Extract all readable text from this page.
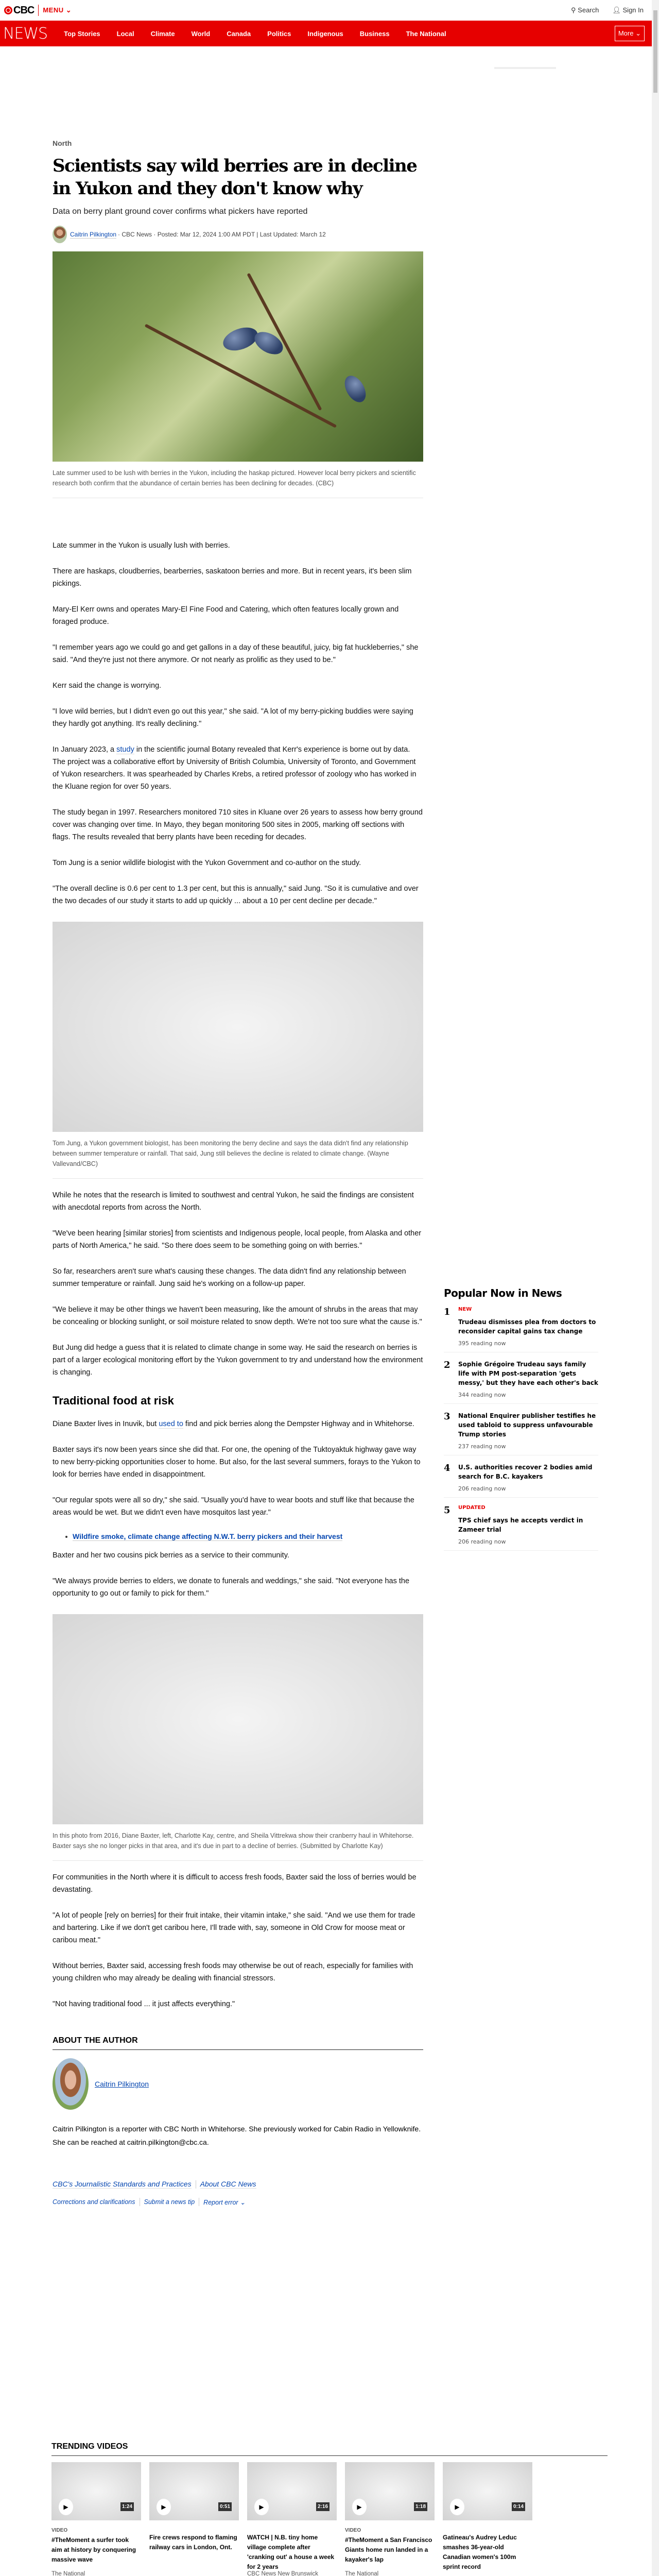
CBC MENU ⌄	⚲ Search 👤︎ Sign In
NEWS Top Stories Local Climate World Canada Politics Indigenous Business The National	More ⌄
North
Scientists say wild berries are in decline in Yukon and they don't know why
Data on berry plant ground cover confirms what pickers have reported
Caitrin Pilkington · CBC News · Posted: Mar 12, 2024 1:00 AM PDT | Last Updated: March 12
Late summer used to be lush with berries in the Yukon, including the haskap pictured. However local berry pickers and scientific research both confirm that the abundance of certain berries has been declining for decades. (CBC)

Late summer in the Yukon is usually lush with berries.

There are haskaps, cloudberries, bearberries, saskatoon berries and more. But in recent years, it's been slim pickings.

Mary-El Kerr owns and operates Mary-El Fine Food and Catering, which often features locally grown and foraged produce.

"I remember years ago we could go and get gallons in a day of these beautiful, juicy, big fat huckleberries," she said. "And they're just not there anymore. Or not nearly as prolific as they used to be."

Kerr said the change is worrying.

"I love wild berries, but I didn't even go out this year," she said. "A lot of my berry-picking buddies were saying they hardly got anything. It's really declining."

In January 2023, a study in the scientific journal Botany revealed that Kerr's experience is borne out by data. The project was a collaborative effort by University of British Columbia, University of Toronto, and Government of Yukon researchers. It was spearheaded by Charles Krebs, a retired professor of zoology who has worked in the Kluane region for over 50 years.

The study began in 1997. Researchers monitored 710 sites in Kluane over 26 years to assess how berry ground cover was changing over time. In Mayo, they began monitoring 500 sites in 2005, marking off sections with flags. The results revealed that berry plants have been receding for decades.

Tom Jung is a senior wildlife biologist with the Yukon Government and co-author on the study.

"The overall decline is 0.6 per cent to 1.3 per cent, but this is annually," said Jung. "So it is cumulative and over the two decades of our study it starts to add up quickly ... about a 10 per cent decline per decade."

Tom Jung, a Yukon government biologist, has been monitoring the berry decline and says the data didn't find any relationship between summer temperature or rainfall. That said, Jung still believes the decline is related to climate change. (Wayne Vallevand/CBC)

While he notes that the research is limited to southwest and central Yukon, he said the findings are consistent with anecdotal reports from across the North.

"We've been hearing [similar stories] from scientists and Indigenous people, local people, from Alaska and other parts of North America," he said. "So there does seem to be something going on with berries."

So far, researchers aren't sure what's causing these changes. The data didn't find any relationship between summer temperature or rainfall. Jung said he's working on a follow-up paper.

"We believe it may be other things we haven't been measuring, like the amount of shrubs in the areas that may be concealing or blocking sunlight, or soil moisture related to snow depth. We're not too sure what the cause is."

But Jung did hedge a guess that it is related to climate change in some way. He said the research on berries is part of a larger ecological monitoring effort by the Yukon government to try and understand how the environment is changing.

Traditional food at risk

Diane Baxter lives in Inuvik, but used to find and pick berries along the Dempster Highway and in Whitehorse.

Baxter says it's now been years since she did that. For one, the opening of the Tuktoyaktuk highway gave way to new berry-picking opportunities closer to home. But also, for the last several summers, forays to the Yukon to look for berries have ended in disappointment.

"Our regular spots were all so dry," she said. "Usually you'd have to wear boots and stuff like that because the areas would be wet. But we didn't even have mosquitos last year."

Wildfire smoke, climate change affecting N.W.T. berry pickers and their harvest

Baxter and her two cousins pick berries as a service to their community.

"We always provide berries to elders, we donate to funerals and weddings," she said. "Not everyone has the opportunity to go out or family to pick for them."

In this photo from 2016, Diane Baxter, left, Charlotte Kay, centre, and Sheila Vittrekwa show their cranberry haul in Whitehorse. Baxter says she no longer picks in that area, and it's due in part to a decline of berries. (Submitted by Charlotte Kay)

For communities in the North where it is difficult to access fresh foods, Baxter said the loss of berries would be devastating.

"A lot of people [rely on berries] for their fruit intake, their vitamin intake," she said. "And we use them for trade and bartering. Like if we don't get caribou here, I'll trade with, say, someone in Old Crow for moose meat or caribou meat."

Without berries, Baxter said, accessing fresh foods may otherwise be out of reach, especially for families with young children who may already be dealing with financial stressors.

"Not having traditional food ... it just affects everything."

ABOUT THE AUTHOR
Caitrin Pilkington
Caitrin Pilkington is a reporter with CBC North in Whitehorse. She previously worked for Cabin Radio in Yellowknife. She can be reached at caitrin.pilkington@cbc.ca.
CBC's Journalistic Standards and Practices About CBC News
Corrections and clarifications Submit a news tip Report error ⌄
Popular Now in News
1	NEW
Trudeau dismisses plea from doctors to reconsider capital gains tax change
395 reading now
2	Sophie Grégoire Trudeau says family life with PM post-separation 'gets messy,' but they have each other's back
344 reading now
3	National Enquirer publisher testifies he used tabloid to suppress unfavourable Trump stories
237 reading now
4	U.S. authorities recover 2 bodies amid search for B.C. kayakers
206 reading now
5	UPDATED
TPS chief says he accepts verdict in Zameer trial
206 reading now
TRENDING VIDEOS
▶	1:24
VIDEO
#TheMoment a surfer took aim at history by conquering massive wave
The National
▶	0:51
Fire crews respond to flaming railway cars in London, Ont.
▶	2:16
WATCH | N.B. tiny home village complete after 'cranking out' a house a week for 2 years
CBC News New Brunswick
▶	1:18
VIDEO
#TheMoment a San Francisco Giants home run landed in a kayaker's lap
The National
▶	0:14
Gatineau's Audrey Leduc smashes 36-year-old Canadian women's 100m sprint record
